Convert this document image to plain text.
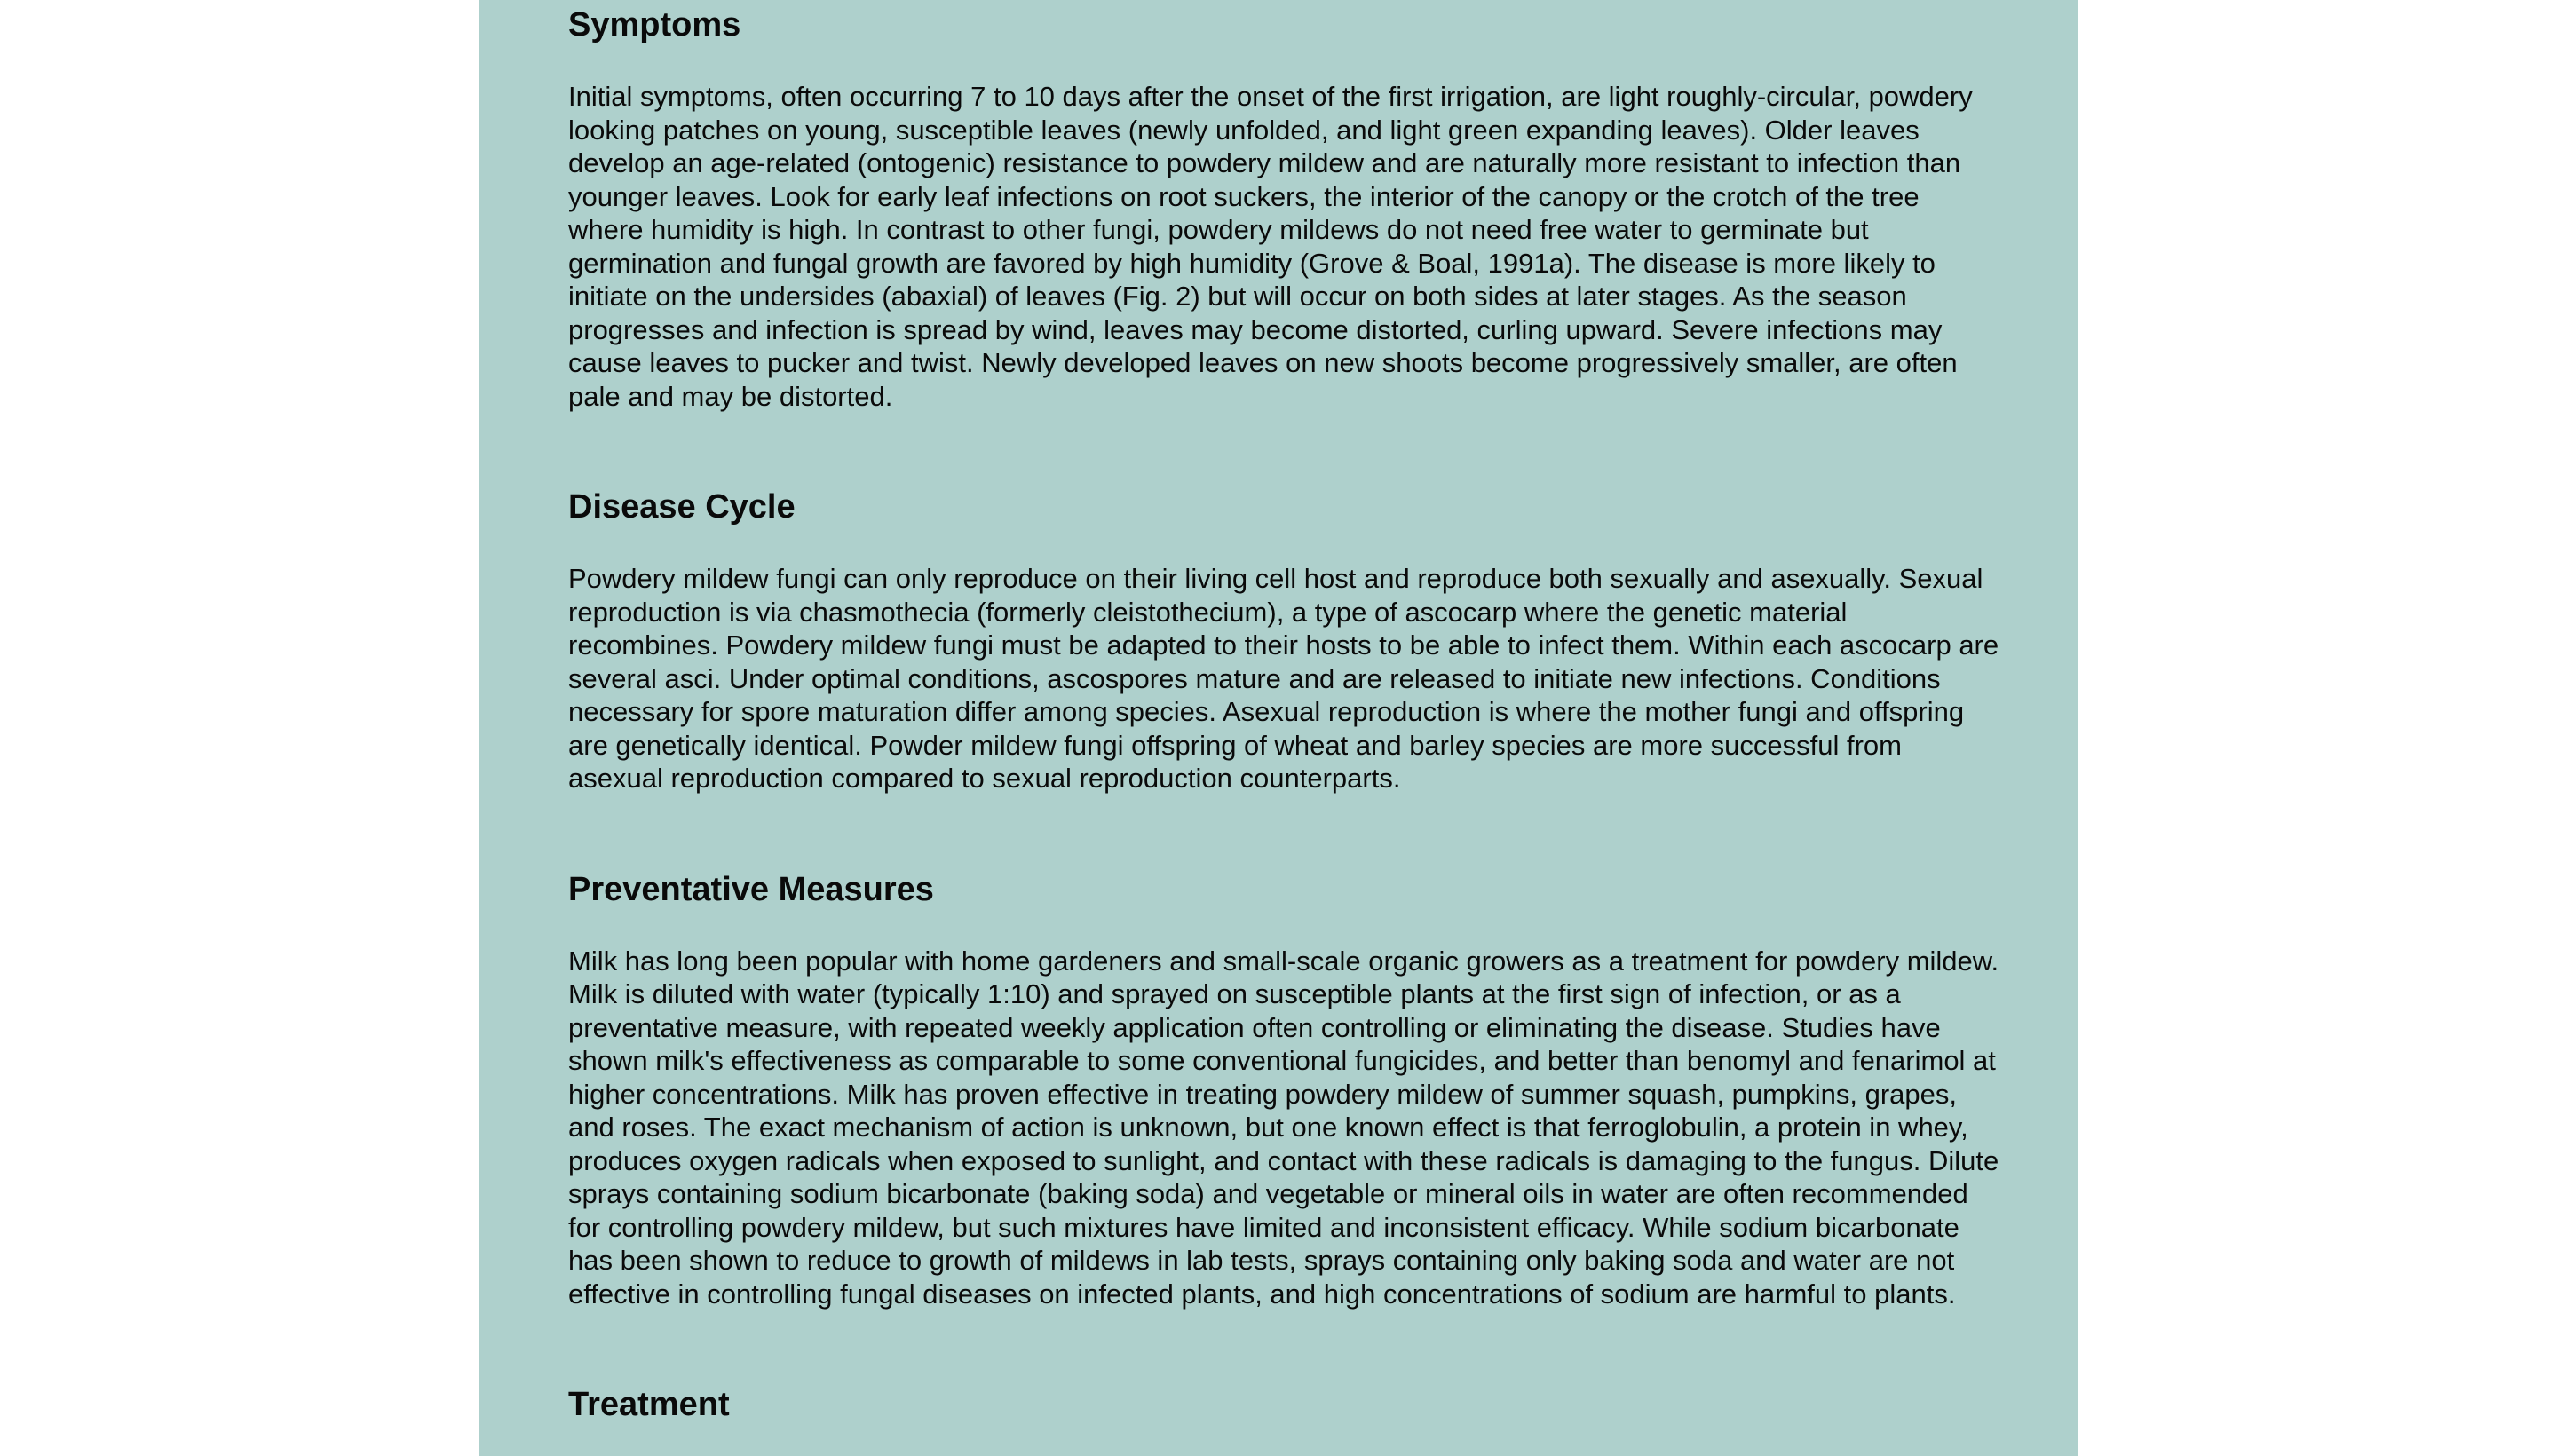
Symptoms

Initial symptoms, often occurring 7 to 10 days after the onset of the first irrigation, are light roughly-circular, powdery looking patches on young, susceptible leaves (newly unfolded, and light green expanding leaves). Older leaves develop an age-related (ontogenic) resistance to powdery mildew and are naturally more resistant to infection than younger leaves. Look for early leaf infections on root suckers, the interior of the canopy or the crotch of the tree where humidity is high. In contrast to other fungi, powdery mildews do not need free water to germinate but germination and fungal growth are favored by high humidity (Grove & Boal, 1991a). The disease is more likely to initiate on the undersides (abaxial) of leaves (Fig. 2) but will occur on both sides at later stages. As the season progresses and infection is spread by wind, leaves may become distorted, curling upward. Severe infections may cause leaves to pucker and twist. Newly developed leaves on new shoots become progressively smaller, are often pale and may be distorted.

Disease Cycle

Powdery mildew fungi can only reproduce on their living cell host and reproduce both sexually and asexually. Sexual reproduction is via chasmothecia (formerly cleistothecium), a type of ascocarp where the genetic material recombines. Powdery mildew fungi must be adapted to their hosts to be able to infect them. Within each ascocarp are several asci. Under optimal conditions, ascospores mature and are released to initiate new infections. Conditions necessary for spore maturation differ among species. Asexual reproduction is where the mother fungi and offspring are genetically identical. Powder mildew fungi offspring of wheat and barley species are more successful from asexual reproduction compared to sexual reproduction counterparts.

Preventative Measures

Milk has long been popular with home gardeners and small-scale organic growers as a treatment for powdery mildew. Milk is diluted with water (typically 1:10) and sprayed on susceptible plants at the first sign of infection, or as a preventative measure, with repeated weekly application often controlling or eliminating the disease. Studies have shown milk's effectiveness as comparable to some conventional fungicides, and better than benomyl and fenarimol at higher concentrations. Milk has proven effective in treating powdery mildew of summer squash, pumpkins, grapes, and roses. The exact mechanism of action is unknown, but one known effect is that ferroglobulin, a protein in whey, produces oxygen radicals when exposed to sunlight, and contact with these radicals is damaging to the fungus. Dilute sprays containing sodium bicarbonate (baking soda) and vegetable or mineral oils in water are often recommended for controlling powdery mildew, but such mixtures have limited and inconsistent efficacy. While sodium bicarbonate has been shown to reduce to growth of mildews in lab tests, sprays containing only baking soda and water are not effective in controlling fungal diseases on infected plants, and high concentrations of sodium are harmful to plants.

Treatment
